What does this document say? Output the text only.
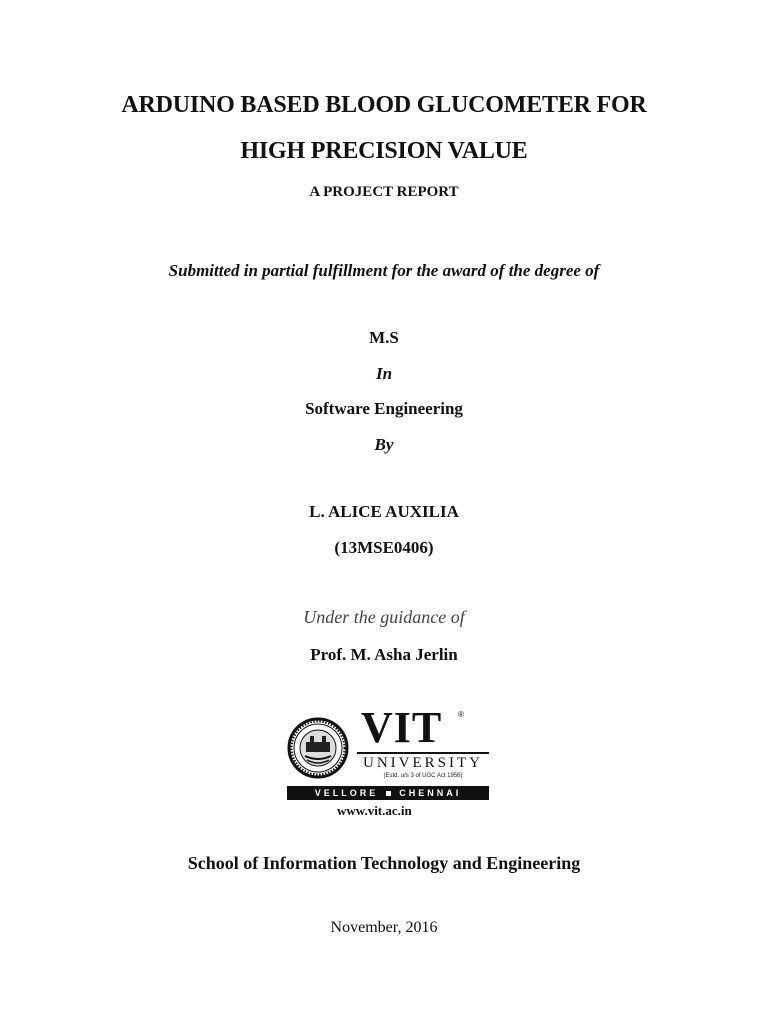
ARDUINO BASED BLOOD GLUCOMETER FOR
HIGH PRECISION VALUE
A PROJECT REPORT
Submitted in partial fulfillment for the award of the degree of
M.S
In
Software Engineering
By
L. ALICE AUXILIA
(13MSE0406)
Under the guidance of
Prof. M. Asha Jerlin
VIT ®
UNIVERSITY
(Estd. u/s 3 of UGC Act 1956)
VELLORE CHENNAI
www.vit.ac.in
School of Information Technology and Engineering
November, 2016
